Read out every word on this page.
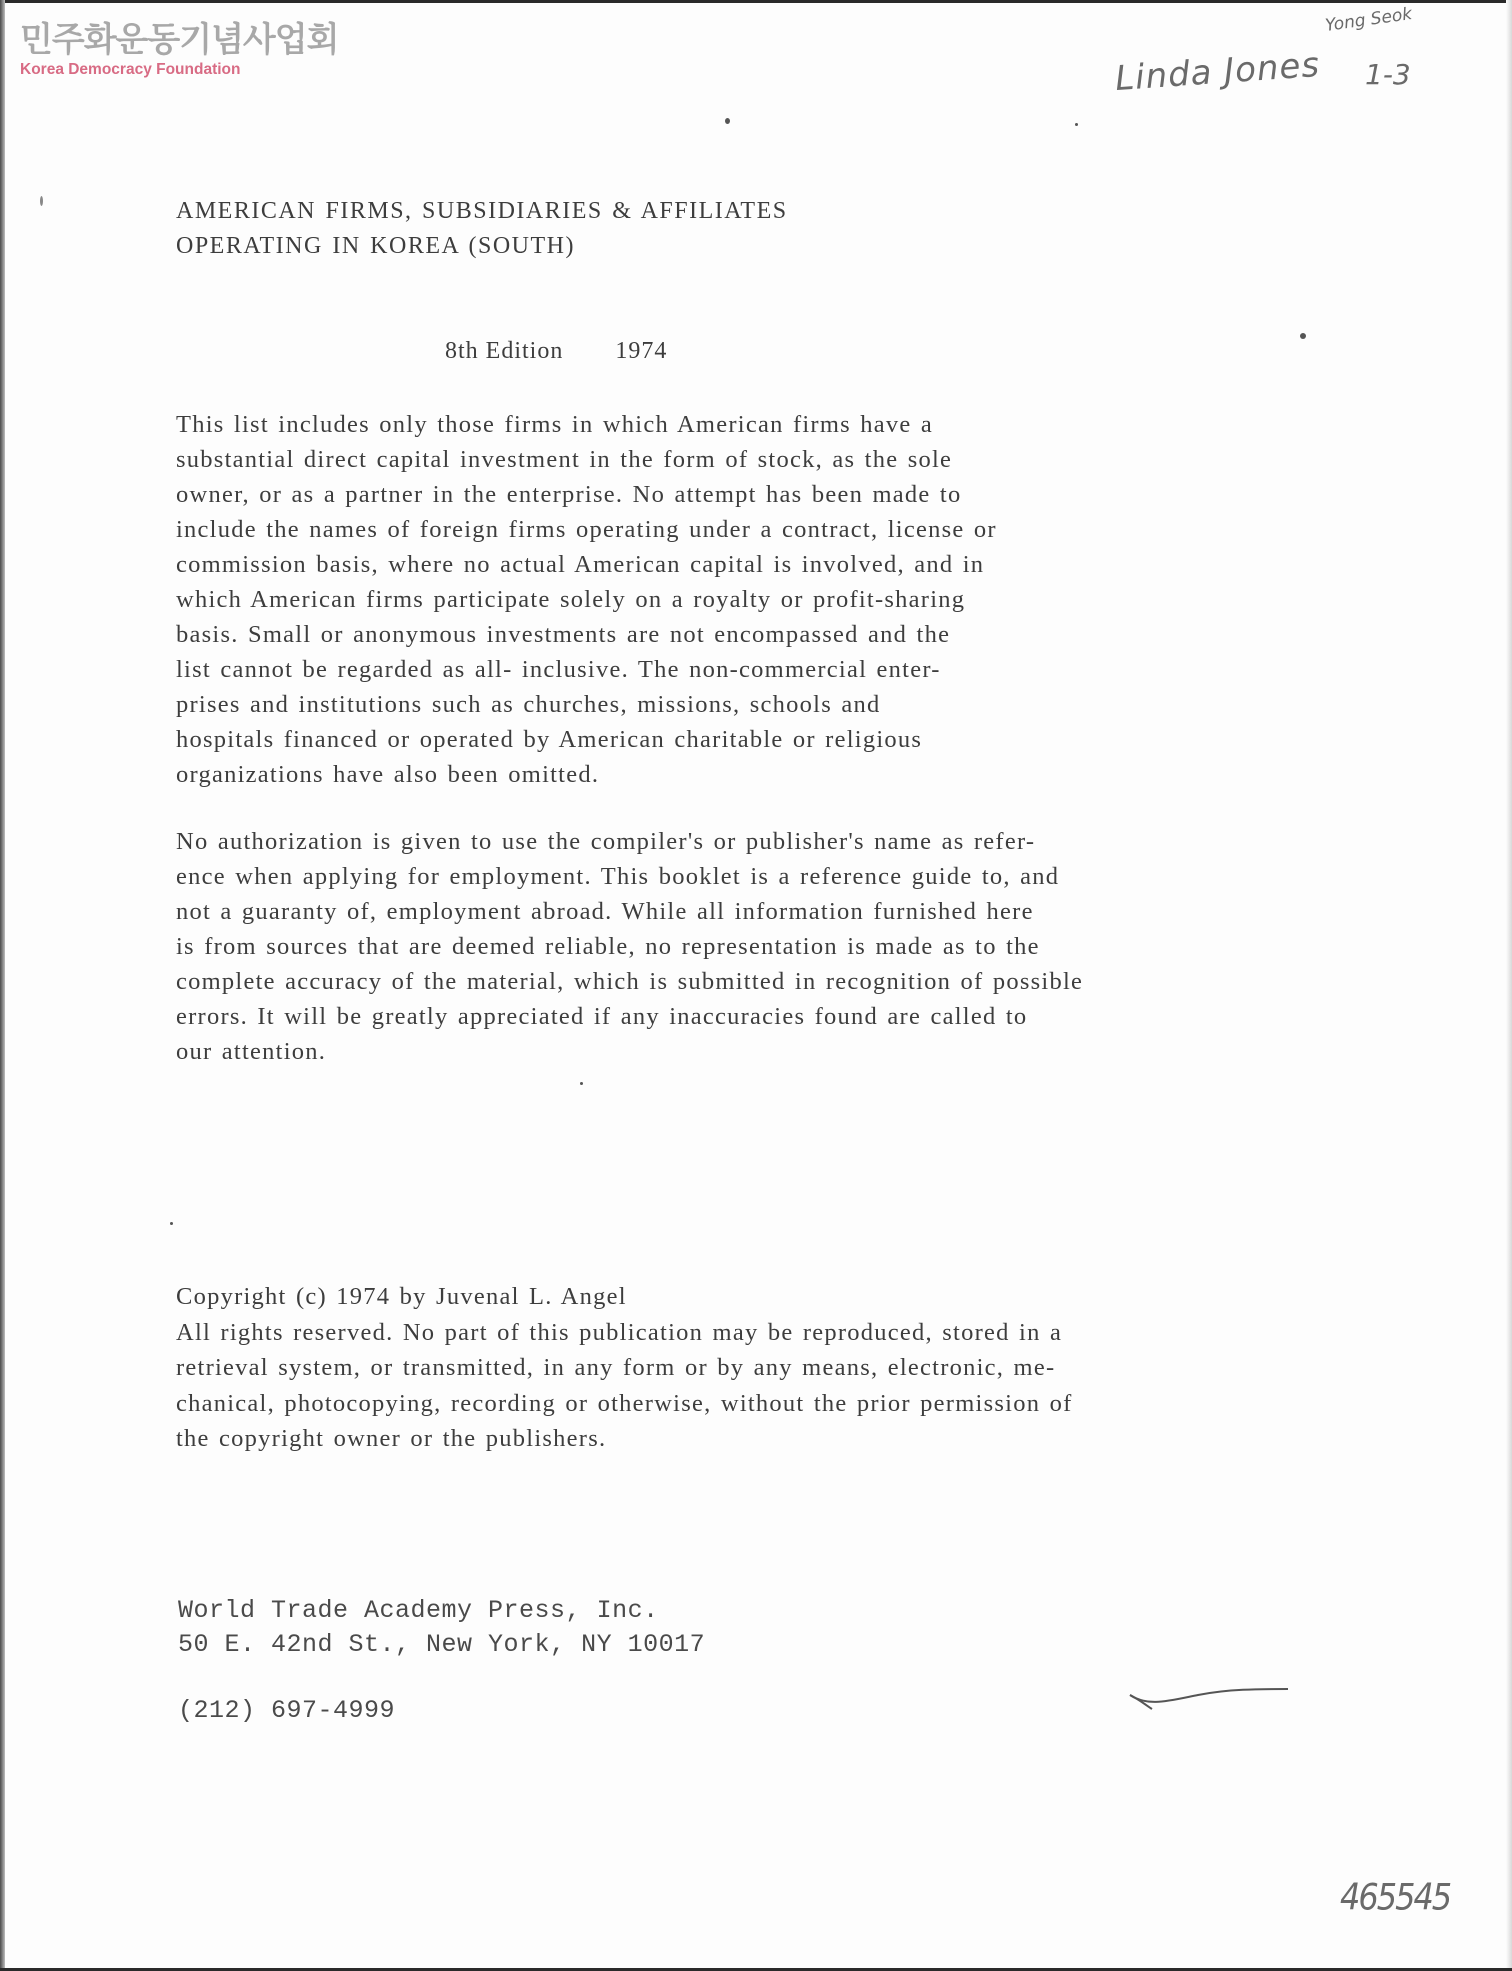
민주화운동기념사업회
Korea Democracy Foundation
Yong Seok
Linda Jones 1-3
AMERICAN FIRMS, SUBSIDIARIES & AFFILIATES
OPERATING IN KOREA (SOUTH)
8th Edition 1974
This list includes only those firms in which American firms have a
substantial direct capital investment in the form of stock, as the sole
owner, or as a partner in the enterprise. No attempt has been made to
include the names of foreign firms operating under a contract, license or
commission basis, where no actual American capital is involved, and in
which American firms participate solely on a royalty or profit-sharing
basis. Small or anonymous investments are not encompassed and the
list cannot be regarded as all- inclusive. The non-commercial enter-
prises and institutions such as churches, missions, schools and
hospitals financed or operated by American charitable or religious
organizations have also been omitted.
No authorization is given to use the compiler's or publisher's name as refer-
ence when applying for employment. This booklet is a reference guide to, and
not a guaranty of, employment abroad. While all information furnished here
is from sources that are deemed reliable, no representation is made as to the
complete accuracy of the material, which is submitted in recognition of possible
errors. It will be greatly appreciated if any inaccuracies found are called to
our attention.
Copyright (c) 1974 by Juvenal L. Angel
All rights reserved. No part of this publication may be reproduced, stored in a
retrieval system, or transmitted, in any form or by any means, electronic, me-
chanical, photocopying, recording or otherwise, without the prior permission of
the copyright owner or the publishers.
World Trade Academy Press, Inc.
50 E. 42nd St., New York, NY 10017
(212) 697-4999
465545
